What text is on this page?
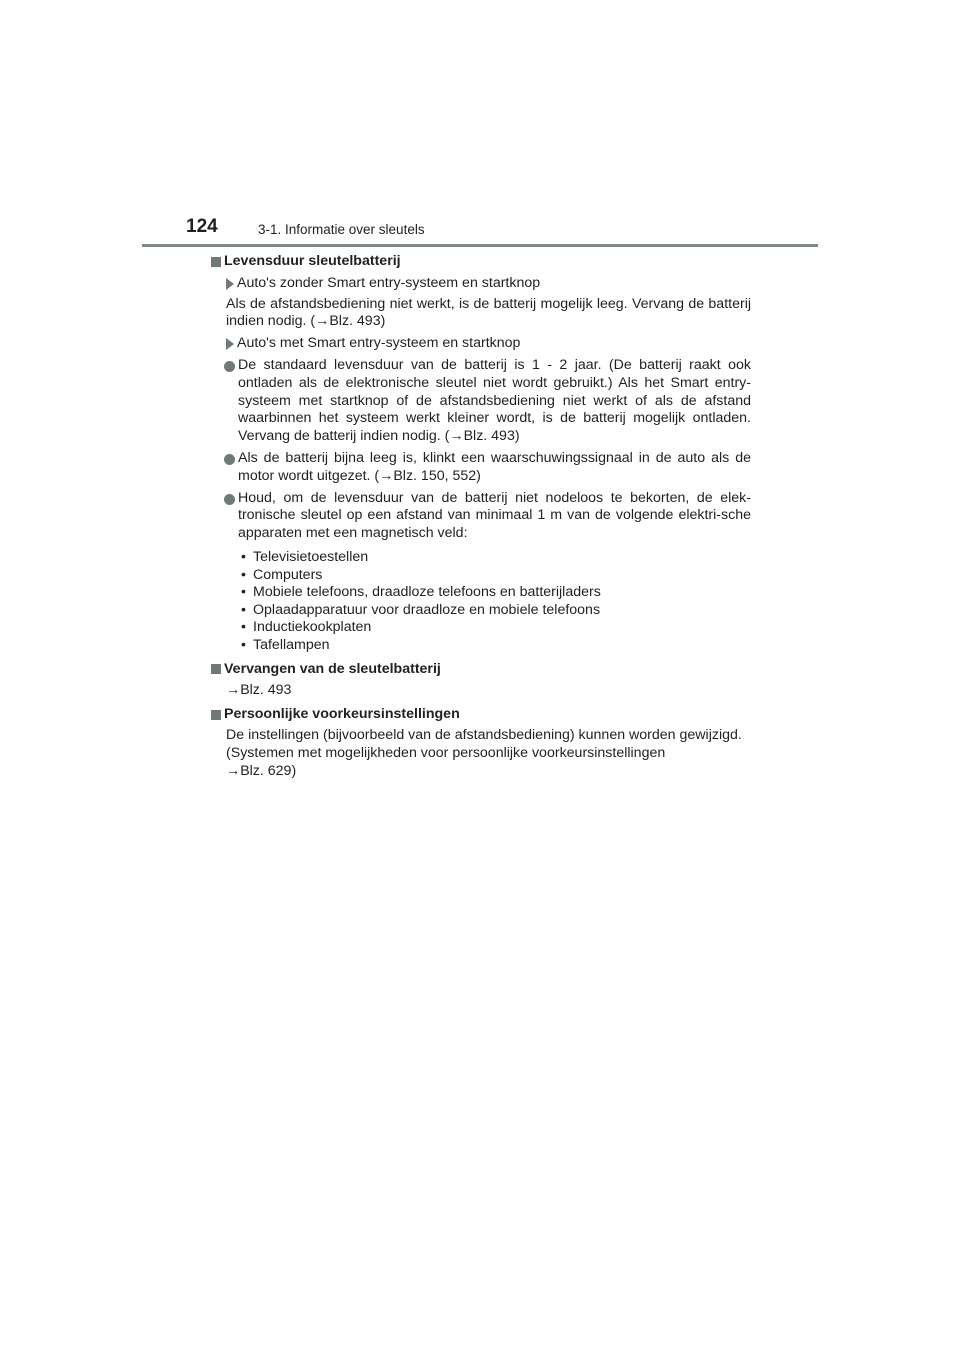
124	3-1. Informatie over sleutels
Levensduur sleutelbatterij
Auto's zonder Smart entry-systeem en startknop
Als de afstandsbediening niet werkt, is de batterij mogelijk leeg. Vervang de batterij indien nodig. (→Blz. 493)
Auto's met Smart entry-systeem en startknop
De standaard levensduur van de batterij is 1 - 2 jaar. (De batterij raakt ook ontladen als de elektronische sleutel niet wordt gebruikt.) Als het Smart entry-systeem met startknop of de afstandsbediening niet werkt of als de afstand waarbinnen het systeem werkt kleiner wordt, is de batterij mogelijk ontladen. Vervang de batterij indien nodig. (→Blz. 493)
Als de batterij bijna leeg is, klinkt een waarschuwingssignaal in de auto als de motor wordt uitgezet. (→Blz. 150, 552)
Houd, om de levensduur van de batterij niet nodeloos te bekorten, de elek-tronische sleutel op een afstand van minimaal 1 m van de volgende elektri-sche apparaten met een magnetisch veld:
• Televisietoestellen
• Computers
• Mobiele telefoons, draadloze telefoons en batterijladers
• Oplaadapparatuur voor draadloze en mobiele telefoons
• Inductiekookplaten
• Tafellampen
Vervangen van de sleutelbatterij
→Blz. 493
Persoonlijke voorkeursinstellingen
De instellingen (bijvoorbeeld van de afstandsbediening) kunnen worden gewijzigd.
(Systemen met mogelijkheden voor persoonlijke voorkeursinstellingen
→Blz. 629)
